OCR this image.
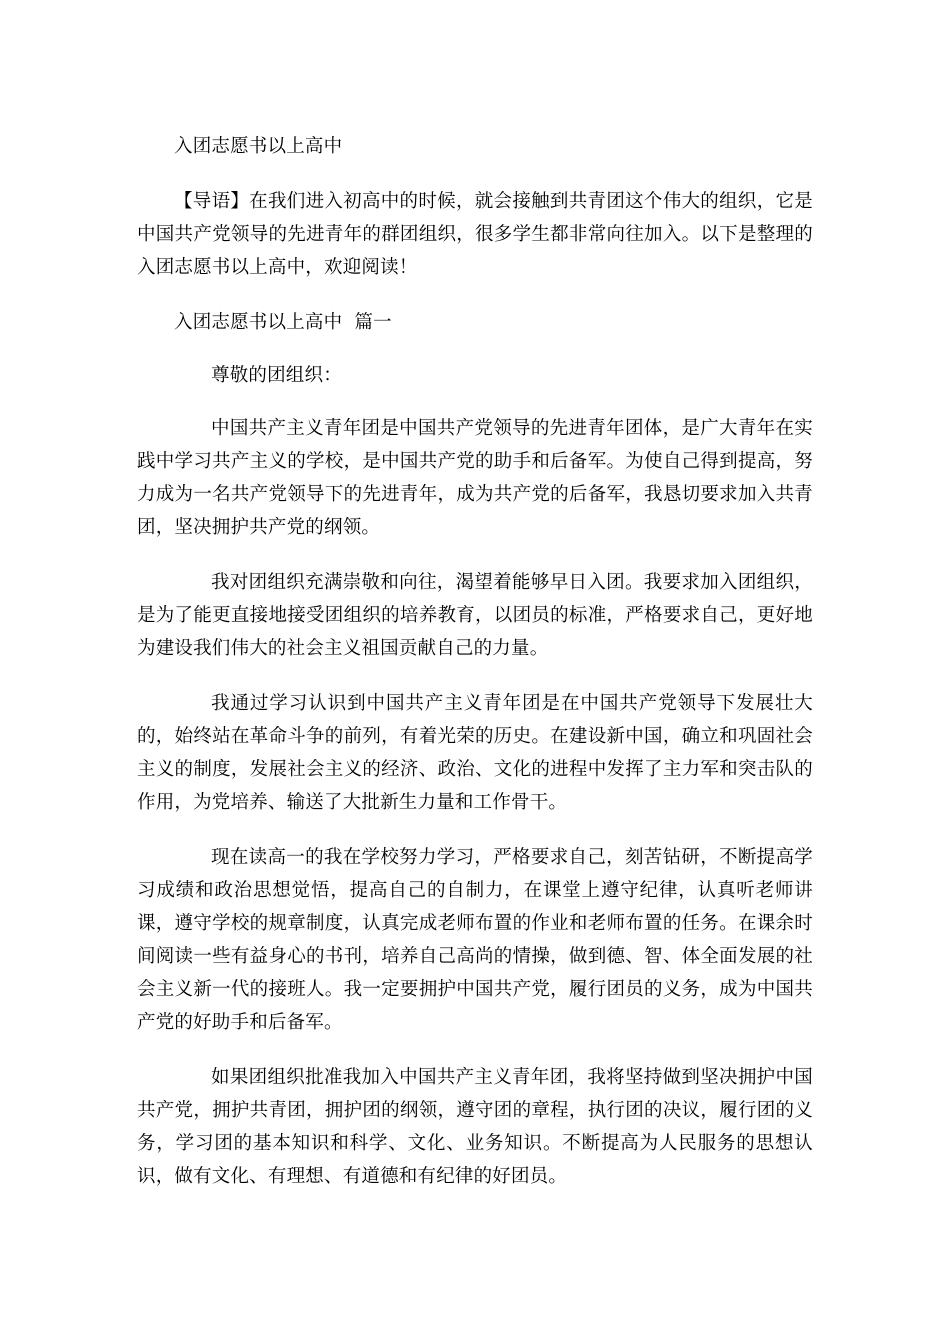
入团志愿书以上高中

【导语】在我们进入初高中的时候，就会接触到共青团这个伟大的组织，它是中国共产党领导的先进青年的群团组织，很多学生都非常向往加入。以下是整理的入团志愿书以上高中，欢迎阅读！

入团志愿书以上高中 篇一

尊敬的团组织：

中国共产主义青年团是中国共产党领导的先进青年团体，是广大青年在实践中学习共产主义的学校，是中国共产党的助手和后备军。为使自己得到提高，努力成为一名共产党领导下的先进青年，成为共产党的后备军，我恳切要求加入共青团，坚决拥护共产党的纲领。

我对团组织充满崇敬和向往，渴望着能够早日入团。我要求加入团组织，是为了能更直接地接受团组织的培养教育，以团员的标准，严格要求自己，更好地为建设我们伟大的社会主义祖国贡献自己的力量。

我通过学习认识到中国共产主义青年团是在中国共产党领导下发展壮大的，始终站在革命斗争的前列，有着光荣的历史。在建设新中国，确立和巩固社会主义的制度，发展社会主义的经济、政治、文化的进程中发挥了主力军和突击队的作用，为党培养、输送了大批新生力量和工作骨干。

现在读高一的我在学校努力学习，严格要求自己，刻苦钻研，不断提高学习成绩和政治思想觉悟，提高自己的自制力，在课堂上遵守纪律，认真听老师讲课，遵守学校的规章制度，认真完成老师布置的作业和老师布置的任务。在课余时间阅读一些有益身心的书刊，培养自己高尚的情操，做到德、智、体全面发展的社会主义新一代的接班人。我一定要拥护中国共产党，履行团员的义务，成为中国共产党的好助手和后备军。

如果团组织批准我加入中国共产主义青年团，我将坚持做到坚决拥护中国共产党，拥护共青团，拥护团的纲领，遵守团的章程，执行团的决议，履行团的义务，学习团的基本知识和科学、文化、业务知识。不断提高为人民服务的思想认识，做有文化、有理想、有道德和有纪律的好团员。
